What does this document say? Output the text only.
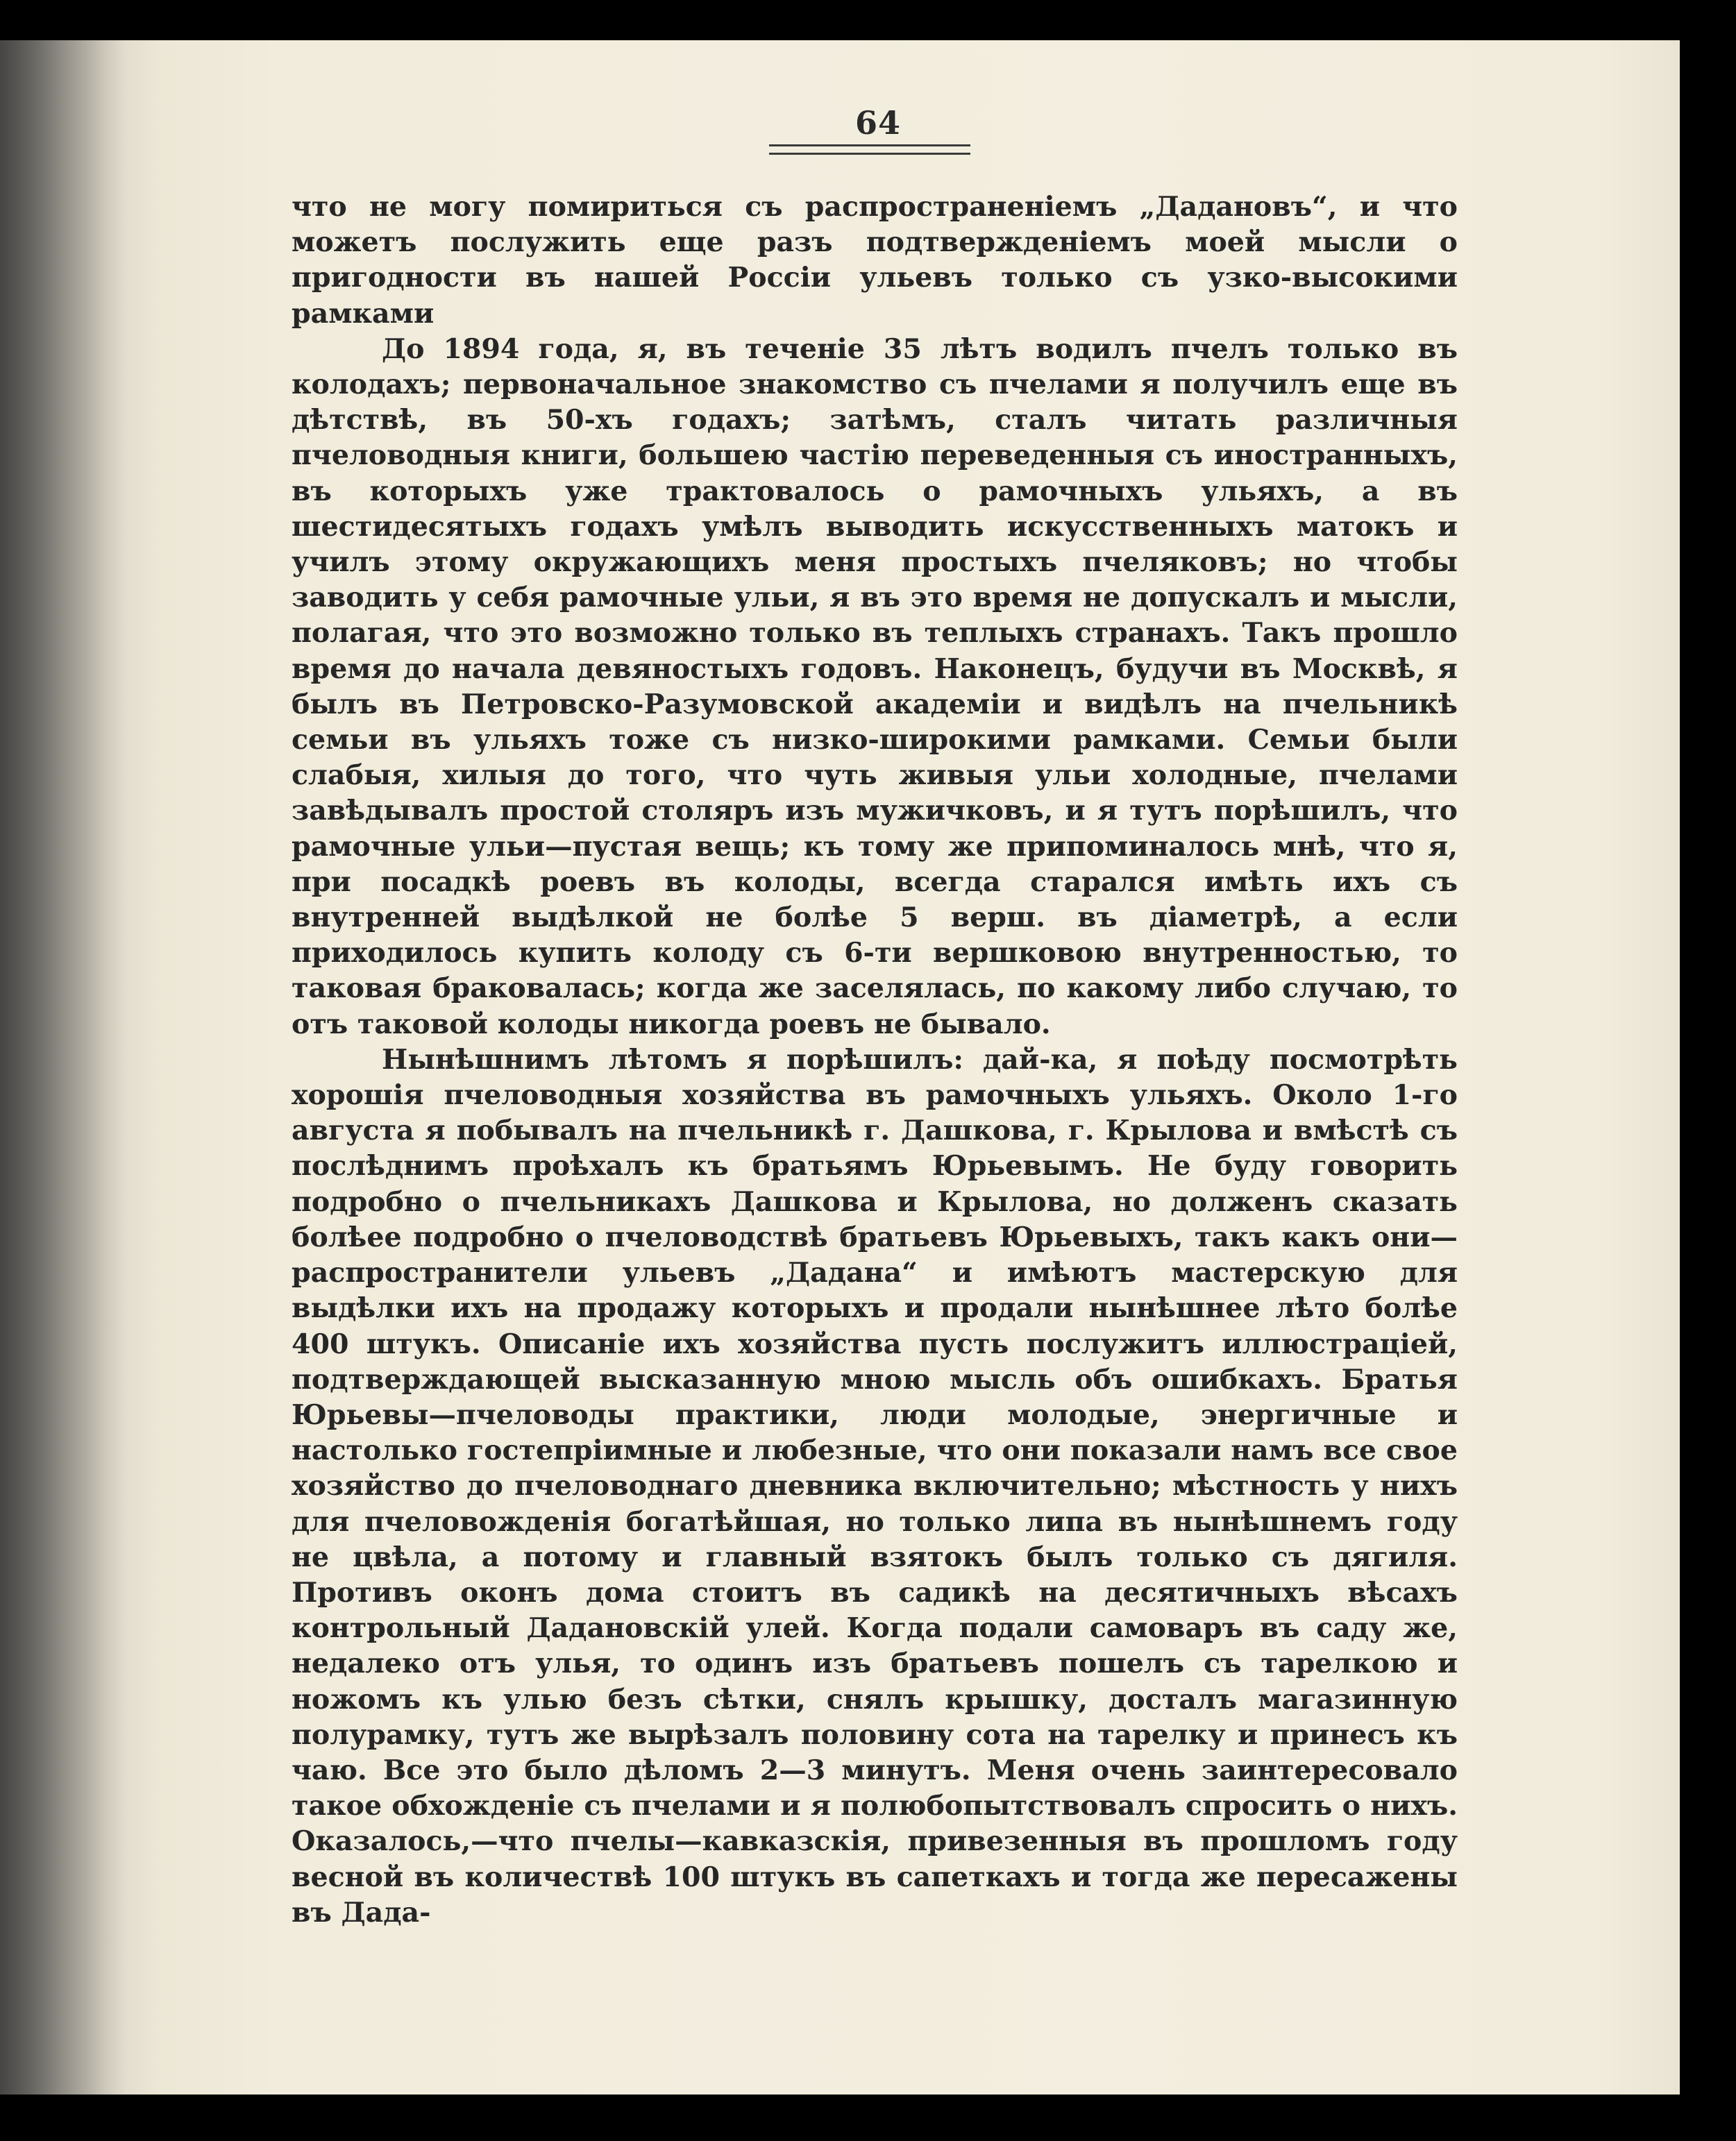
64

что не могу помириться съ распространеніемъ „Дадановъ“, и что можетъ послужить еще разъ подтвержденіемъ моей мысли о пригодности въ нашей Россіи ульевъ только съ узко-высокими рамками

До 1894 года, я, въ теченіе 35 лѣтъ водилъ пчелъ только въ колодахъ; первоначальное знакомство съ пчелами я получилъ еще въ дѣтствѣ, въ 50-хъ годахъ; затѣмъ, сталъ читать различныя пчеловодныя книги, большею частію переведенныя съ иностранныхъ, въ которыхъ уже трактовалось о рамочныхъ ульяхъ, а въ шестидесятыхъ годахъ умѣлъ выводить искусственныхъ матокъ и училъ этому окружающихъ меня простыхъ пчеляковъ; но чтобы заводить у себя рамочные ульи, я въ это время не допускалъ и мысли, полагая, что это возможно только въ теплыхъ странахъ. Такъ прошло время до начала девяностыхъ годовъ. Наконецъ, будучи въ Москвѣ, я былъ въ Петровско-Разумовской академіи и видѣлъ на пчельникѣ семьи въ ульяхъ тоже съ низко-широкими рамками. Семьи были слабыя, хилыя до того, что чуть живыя ульи холодные, пчелами завѣдывалъ простой столяръ изъ мужичковъ, и я тутъ порѣшилъ, что рамочные ульи—пустая вещь; къ тому же припоминалось мнѣ, что я, при посадкѣ роевъ въ колоды, всегда старался имѣть ихъ съ внутренней выдѣлкой не болѣе 5 верш. въ діаметрѣ, а если приходилось купить колоду съ 6-ти вершковою внутренностью, то таковая браковалась; когда же заселялась, по какому либо случаю, то отъ таковой колоды никогда роевъ не бывало.

Нынѣшнимъ лѣтомъ я порѣшилъ: дай-ка, я поѣду посмотрѣть хорошія пчеловодныя хозяйства въ рамочныхъ ульяхъ. Около 1-го августа я побывалъ на пчельникѣ г. Дашкова, г. Крылова и вмѣстѣ съ послѣднимъ проѣхалъ къ братьямъ Юрьевымъ. Не буду говорить подробно о пчельникахъ Дашкова и Крылова, но долженъ сказать болѣее подробно о пчеловодствѣ братьевъ Юрьевыхъ, такъ какъ они—распространители ульевъ „Дадана“ и имѣютъ мастерскую для выдѣлки ихъ на продажу которыхъ и продали нынѣшнее лѣто болѣе 400 штукъ. Описаніе ихъ хозяйства пусть послужитъ иллюстраціей, подтверждающей высказанную мною мысль объ ошибкахъ. Братья Юрьевы—пчеловоды практики, люди молодые, энергичные и настолько гостепріимные и любезные, что они показали намъ все свое хозяйство до пчеловоднаго дневника включительно; мѣстность у нихъ для пчеловожденія богатѣйшая, но только липа въ нынѣшнемъ году не цвѣла, а потому и главный взятокъ былъ только съ дягиля. Противъ оконъ дома стоитъ въ садикѣ на десятичныхъ вѣсахъ контрольный Дадановскій улей. Когда подали самоваръ въ саду же, недалеко отъ улья, то одинъ изъ братьевъ пошелъ съ тарелкою и ножомъ къ улью безъ сѣтки, снялъ крышку, досталъ магазинную полурамку, тутъ же вырѣзалъ половину сота на тарелку и принесъ къ чаю. Все это было дѣломъ 2—3 минутъ. Меня очень заинтересовало такое обхожденіе съ пчелами и я полюбопытствовалъ спросить о нихъ. Оказалось,—что пчелы—кавказскія, привезенныя въ прошломъ году весной въ количествѣ 100 штукъ въ сапеткахъ и тогда же пересажены въ Дада-
